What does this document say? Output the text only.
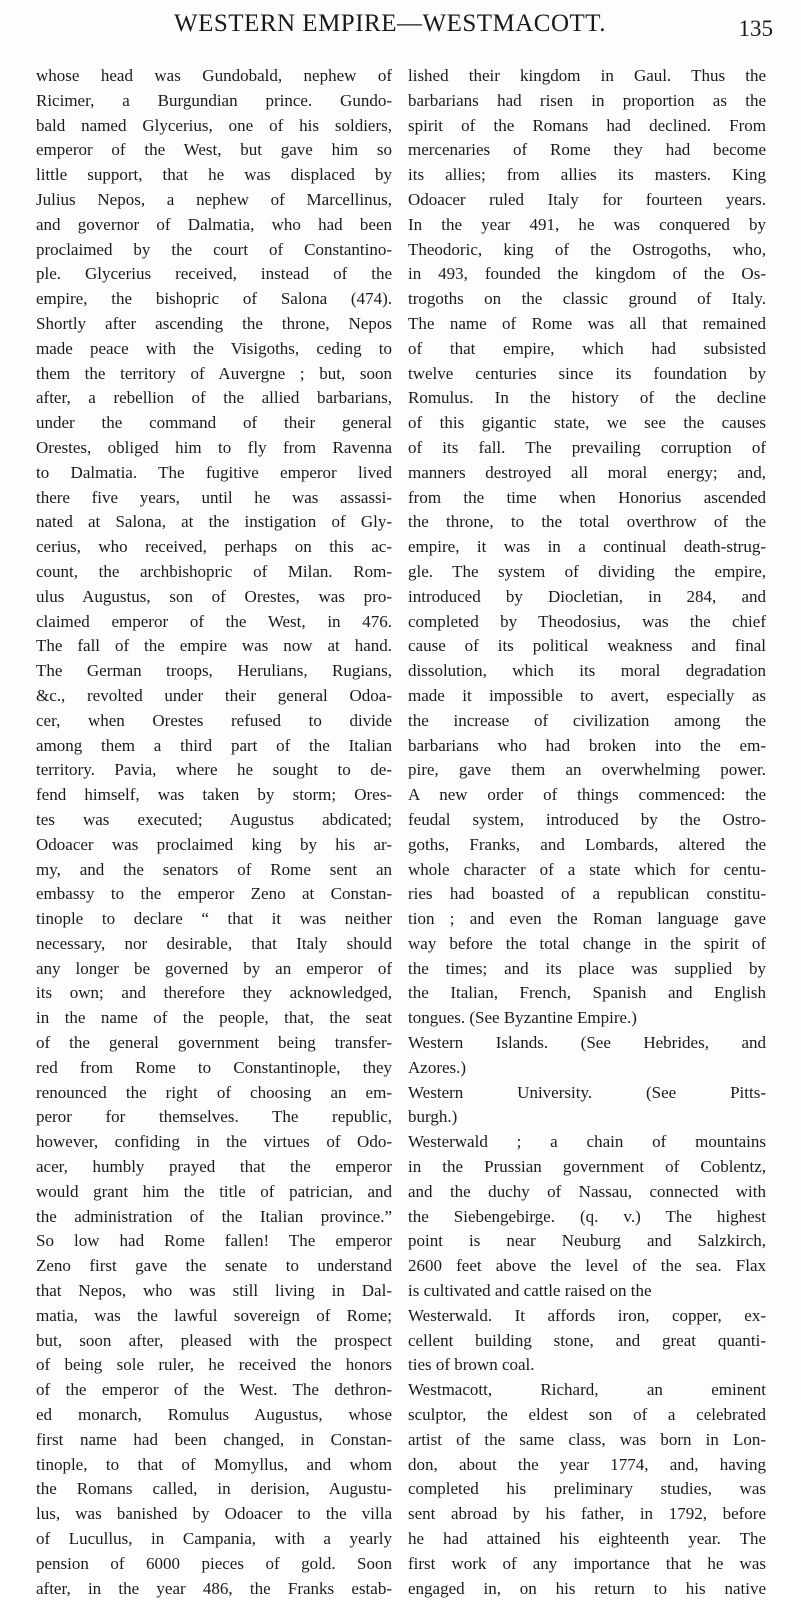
WESTERN EMPIRE—WESTMACOTT.	135
whose head was Gundobald, nephew of
Ricimer, a Burgundian prince. Gundo-
bald named Glycerius, one of his soldiers,
emperor of the West, but gave him so
little support, that he was displaced by
Julius Nepos, a nephew of Marcellinus,
and governor of Dalmatia, who had been
proclaimed by the court of Constantino-
ple. Glycerius received, instead of the
empire, the bishopric of Salona (474).
Shortly after ascending the throne, Nepos
made peace with the Visigoths, ceding to
them the territory of Auvergne ; but, soon
after, a rebellion of the allied barbarians,
under the command of their general
Orestes, obliged him to fly from Ravenna
to Dalmatia. The fugitive emperor lived
there five years, until he was assassi-
nated at Salona, at the instigation of Gly-
cerius, who received, perhaps on this ac-
count, the archbishopric of Milan. Rom-
ulus Augustus, son of Orestes, was pro-
claimed emperor of the West, in 476.
The fall of the empire was now at hand.
The German troops, Herulians, Rugians,
&c., revolted under their general Odoa-
cer, when Orestes refused to divide
among them a third part of the Italian
territory. Pavia, where he sought to de-
fend himself, was taken by storm; Ores-
tes was executed; Augustus abdicated;
Odoacer was proclaimed king by his ar-
my, and the senators of Rome sent an
embassy to the emperor Zeno at Constan-
tinople to declare “ that it was neither
necessary, nor desirable, that Italy should
any longer be governed by an emperor of
its own; and therefore they acknowledged,
in the name of the people, that, the seat
of the general government being transfer-
red from Rome to Constantinople, they
renounced the right of choosing an em-
peror for themselves. The republic,
however, confiding in the virtues of Odo-
acer, humbly prayed that the emperor
would grant him the title of patrician, and
the administration of the Italian province.”
So low had Rome fallen! The emperor
Zeno first gave the senate to understand
that Nepos, who was still living in Dal-
matia, was the lawful sovereign of Rome;
but, soon after, pleased with the prospect
of being sole ruler, he received the honors
of the emperor of the West. The dethron-
ed monarch, Romulus Augustus, whose
first name had been changed, in Constan-
tinople, to that of Momyllus, and whom
the Romans called, in derision, Augustu-
lus, was banished by Odoacer to the villa
of Lucullus, in Campania, with a yearly
pension of 6000 pieces of gold. Soon
after, in the year 486, the Franks estab-
lished their kingdom in Gaul. Thus the
barbarians had risen in proportion as the
spirit of the Romans had declined. From
mercenaries of Rome they had become
its allies; from allies its masters. King
Odoacer ruled Italy for fourteen years.
In the year 491, he was conquered by
Theodoric, king of the Ostrogoths, who,
in 493, founded the kingdom of the Os-
trogoths on the classic ground of Italy.
The name of Rome was all that remained
of that empire, which had subsisted
twelve centuries since its foundation by
Romulus. In the history of the decline
of this gigantic state, we see the causes
of its fall. The prevailing corruption of
manners destroyed all moral energy; and,
from the time when Honorius ascended
the throne, to the total overthrow of the
empire, it was in a continual death-strug-
gle. The system of dividing the empire,
introduced by Diocletian, in 284, and
completed by Theodosius, was the chief
cause of its political weakness and final
dissolution, which its moral degradation
made it impossible to avert, especially as
the increase of civilization among the
barbarians who had broken into the em-
pire, gave them an overwhelming power.
A new order of things commenced: the
feudal system, introduced by the Ostro-
goths, Franks, and Lombards, altered the
whole character of a state which for centu-
ries had boasted of a republican constitu-
tion ; and even the Roman language gave
way before the total change in the spirit of
the times; and its place was supplied by
the Italian, French, Spanish and English
tongues. (See Byzantine Empire.)
Western Islands. (See Hebrides, and
Azores.)
Western University. (See Pitts-
burgh.)
Westerwald ; a chain of mountains
in the Prussian government of Coblentz,
and the duchy of Nassau, connected with
the Siebengebirge. (q. v.) The highest
point is near Neuburg and Salzkirch,
2600 feet above the level of the sea. Flax
is cultivated and cattle raised on the
Westerwald. It affords iron, copper, ex-
cellent building stone, and great quanti-
ties of brown coal.
Westmacott, Richard, an eminent
sculptor, the eldest son of a celebrated
artist of the same class, was born in Lon-
don, about the year 1774, and, having
completed his preliminary studies, was
sent abroad by his father, in 1792, before
he had attained his eighteenth year. The
first work of any importance that he was
engaged in, on his return to his native
